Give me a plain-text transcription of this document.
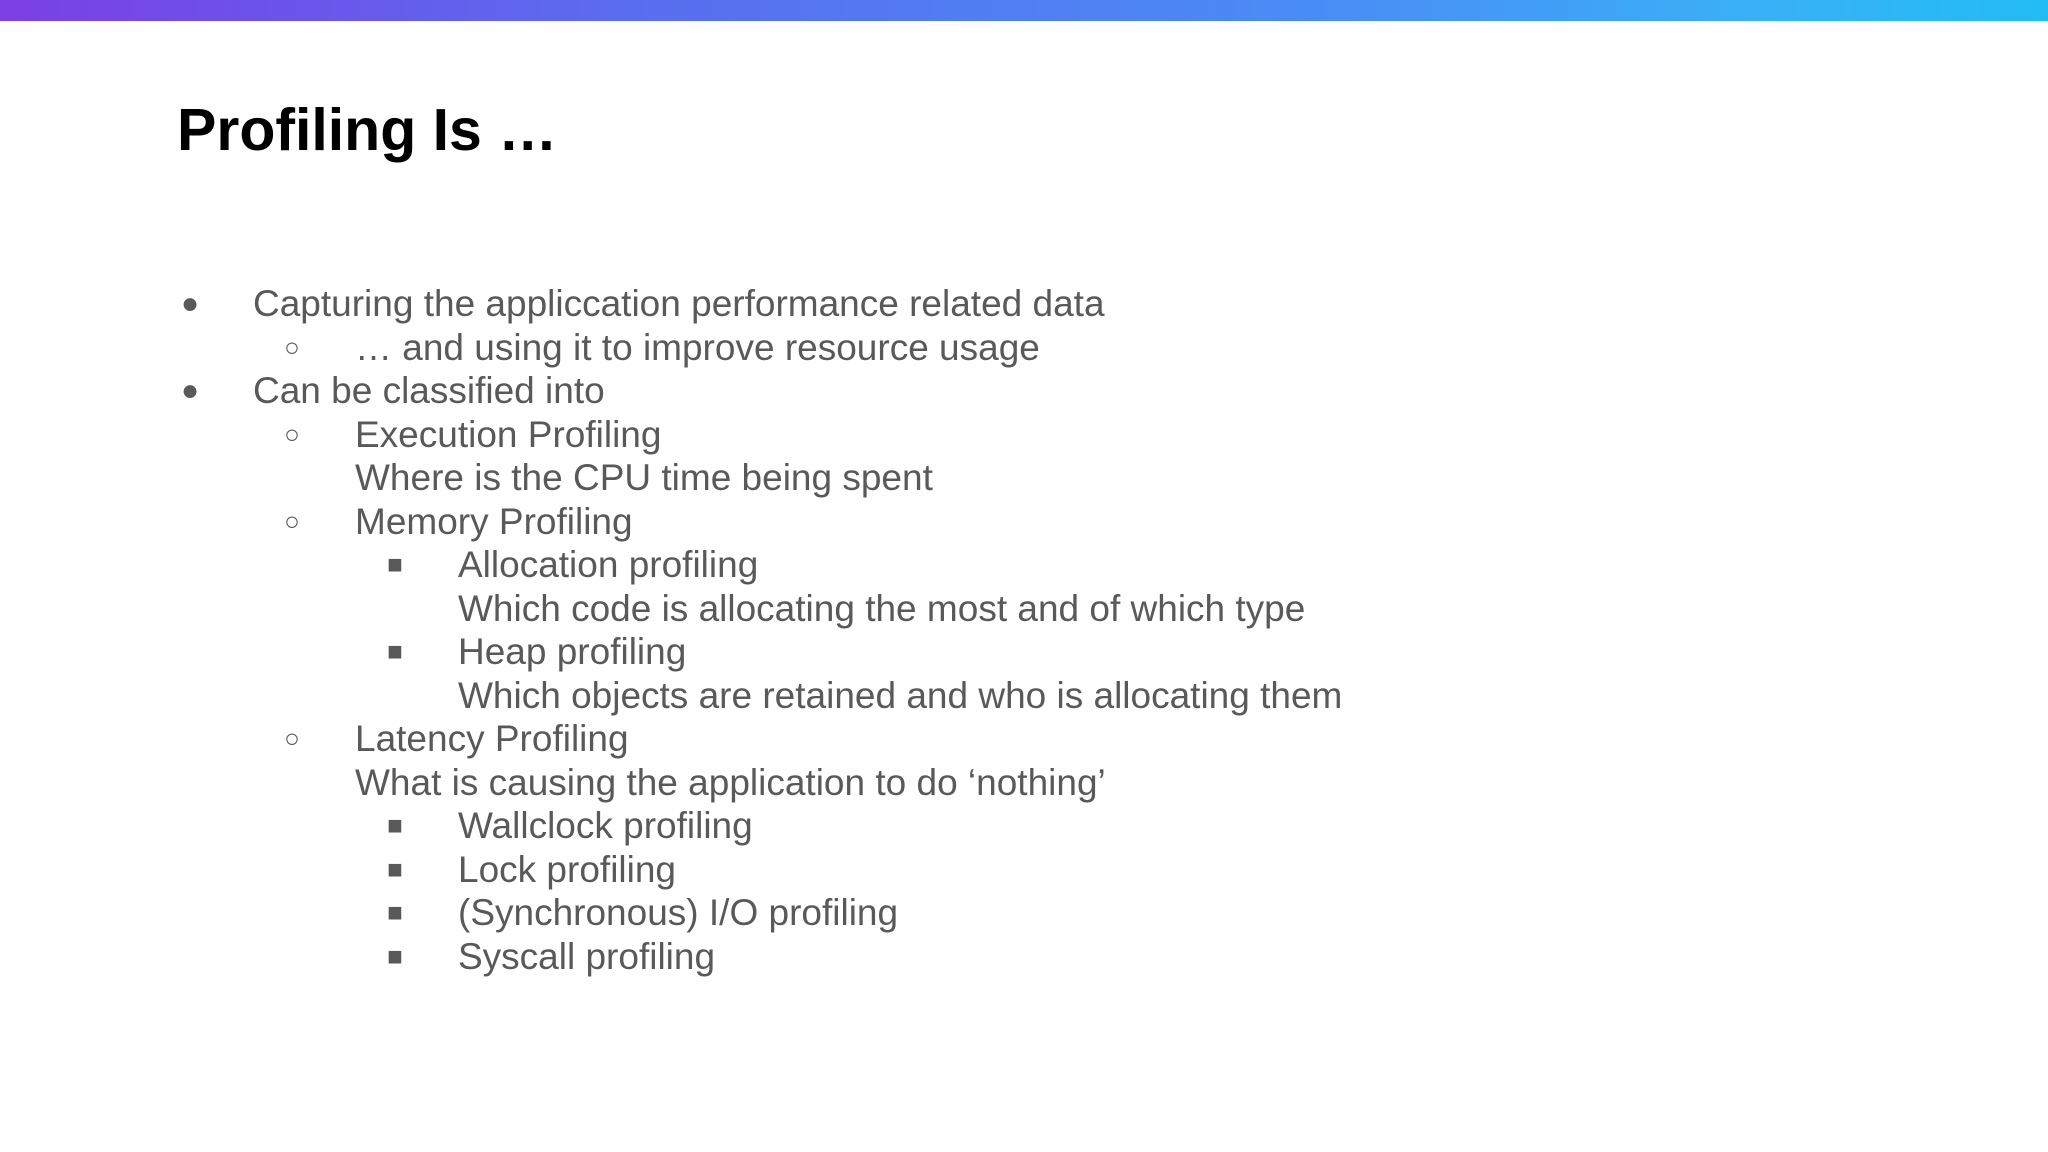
Profiling Is …
● Capturing the appliccation performance related data
○	… and using it to improve resource usage
● Can be classified into
○	Execution Profiling
Where is the CPU time being spent
○	Memory Profiling
■	Allocation profiling
Which code is allocating the most and of which type
■	Heap profiling
Which objects are retained and who is allocating them
○	Latency Profiling
What is causing the application to do ‘nothing’
■	Wallclock profiling
■	Lock profiling
■	(Synchronous) I/O profiling
■	Syscall profiling
